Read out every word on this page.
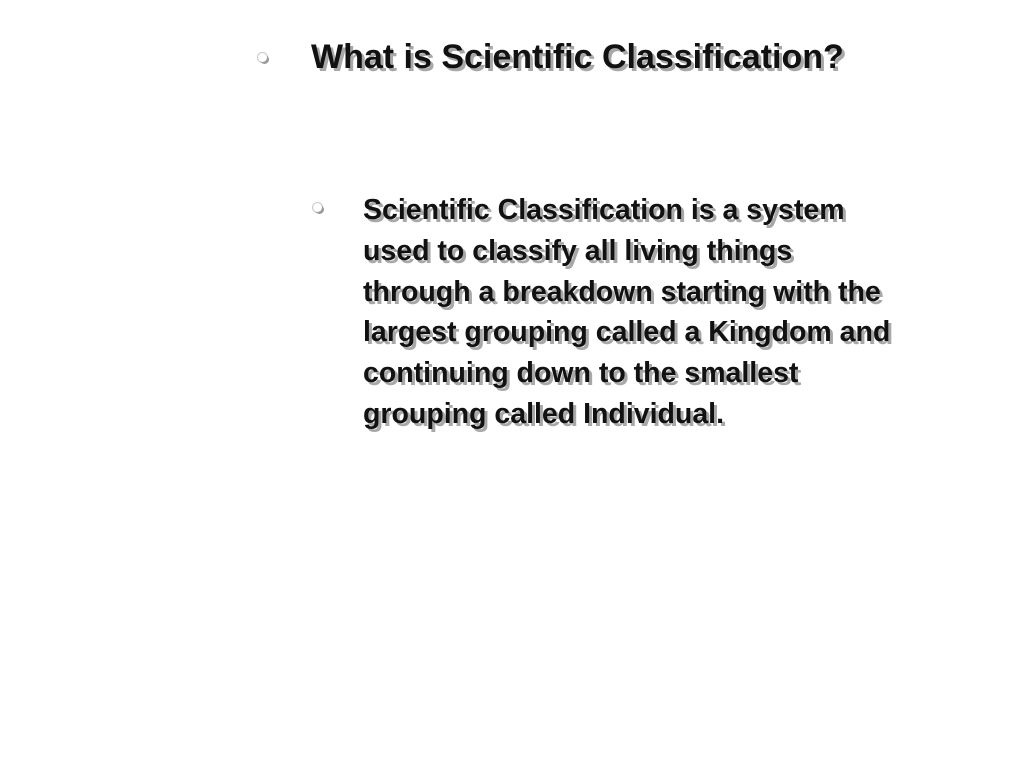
What is Scientific Classification?
Scientific Classification is a system
used to classify all living things
through a breakdown starting with the
largest grouping called a Kingdom and
continuing down to the smallest
grouping called Individual.
